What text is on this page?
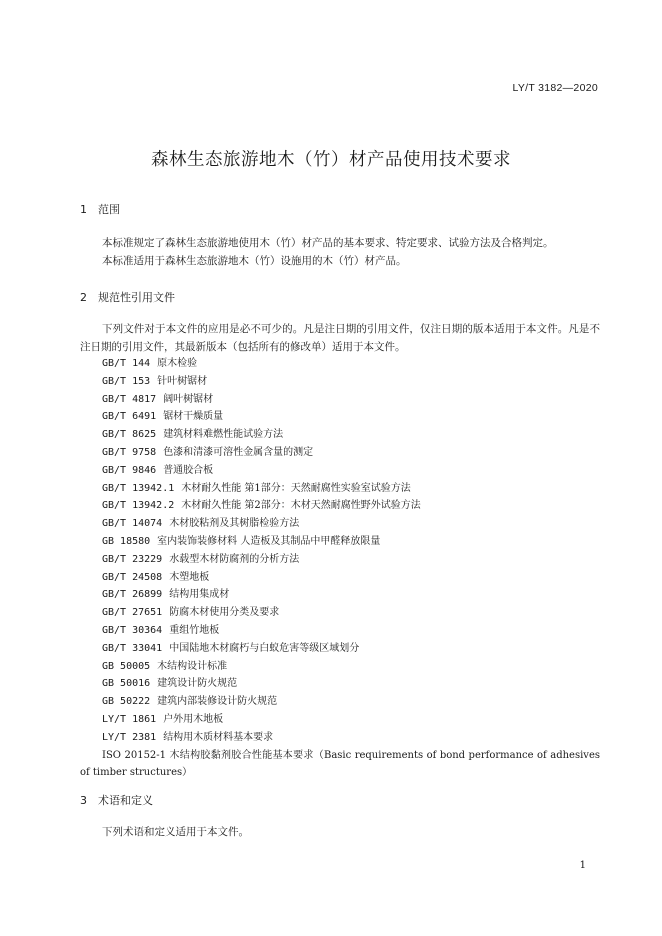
LY/T 3182—2020
森林生态旅游地木（竹）材产品使用技术要求
1 范围
本标准规定了森林生态旅游地使用木（竹）材产品的基本要求、特定要求、试验方法及合格判定。
本标准适用于森林生态旅游地木（竹）设施用的木（竹）材产品。
2 规范性引用文件
下列文件对于本文件的应用是必不可少的。凡是注日期的引用文件，仅注日期的版本适用于本文件。凡是不注日期的引用文件，其最新版本（包括所有的修改单）适用于本文件。
GB/T 144 原木检验
GB/T 153 针叶树锯材
GB/T 4817 阔叶树锯材
GB/T 6491 锯材干燥质量
GB/T 8625 建筑材料难燃性能试验方法
GB/T 9758 色漆和清漆可溶性金属含量的测定
GB/T 9846 普通胶合板
GB/T 13942.1 木材耐久性能 第1部分：天然耐腐性实验室试验方法
GB/T 13942.2 木材耐久性能 第2部分：木材天然耐腐性野外试验方法
GB/T 14074 木材胶粘剂及其树脂检验方法
GB 18580 室内装饰装修材料 人造板及其制品中甲醛释放限量
GB/T 23229 水载型木材防腐剂的分析方法
GB/T 24508 木塑地板
GB/T 26899 结构用集成材
GB/T 27651 防腐木材使用分类及要求
GB/T 30364 重组竹地板
GB/T 33041 中国陆地木材腐朽与白蚁危害等级区域划分
GB 50005 木结构设计标准
GB 50016 建筑设计防火规范
GB 50222 建筑内部装修设计防火规范
LY/T 1861 户外用木地板
LY/T 2381 结构用木质材料基本要求
ISO 20152-1 木结构胶黏剂胶合性能基本要求（Basic requirements of bond performance of adhesives of timber structures）
3 术语和定义
下列术语和定义适用于本文件。
1
